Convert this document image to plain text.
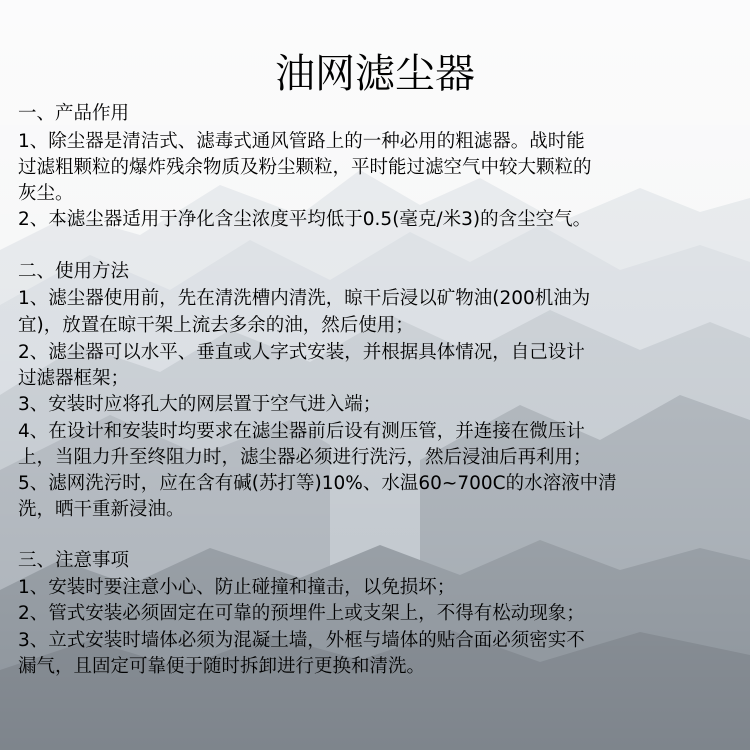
油网滤尘器
一、产品作用
1、除尘器是清洁式、滤毒式通风管路上的一种必用的粗滤器。战时能
过滤粗颗粒的爆炸残余物质及粉尘颗粒，平时能过滤空气中较大颗粒的
灰尘。
2、本滤尘器适用于净化含尘浓度平均低于0.5(毫克/米3)的含尘空气。
二、使用方法
1、滤尘器使用前，先在清洗槽内清洗，晾干后浸以矿物油(200机油为
宜)，放置在晾干架上流去多余的油，然后使用；
2、滤尘器可以水平、垂直或人字式安装，并根据具体情况，自己设计
过滤器框架；
3、安装时应将孔大的网层置于空气进入端；
4、在设计和安装时均要求在滤尘器前后设有测压管，并连接在微压计
上，当阻力升至终阻力时，滤尘器必须进行洗污，然后浸油后再利用；
5、滤网洗污时，应在含有碱(苏打等)10%、水温60~700C的水溶液中清
洗，晒干重新浸油。
三、注意事项
1、安装时要注意小心、防止碰撞和撞击，以免损坏；
2、管式安装必须固定在可靠的预埋件上或支架上，不得有松动现象；
3、立式安装时墙体必须为混凝土墙，外框与墙体的贴合面必须密实不
漏气，且固定可靠便于随时拆卸进行更换和清洗。
